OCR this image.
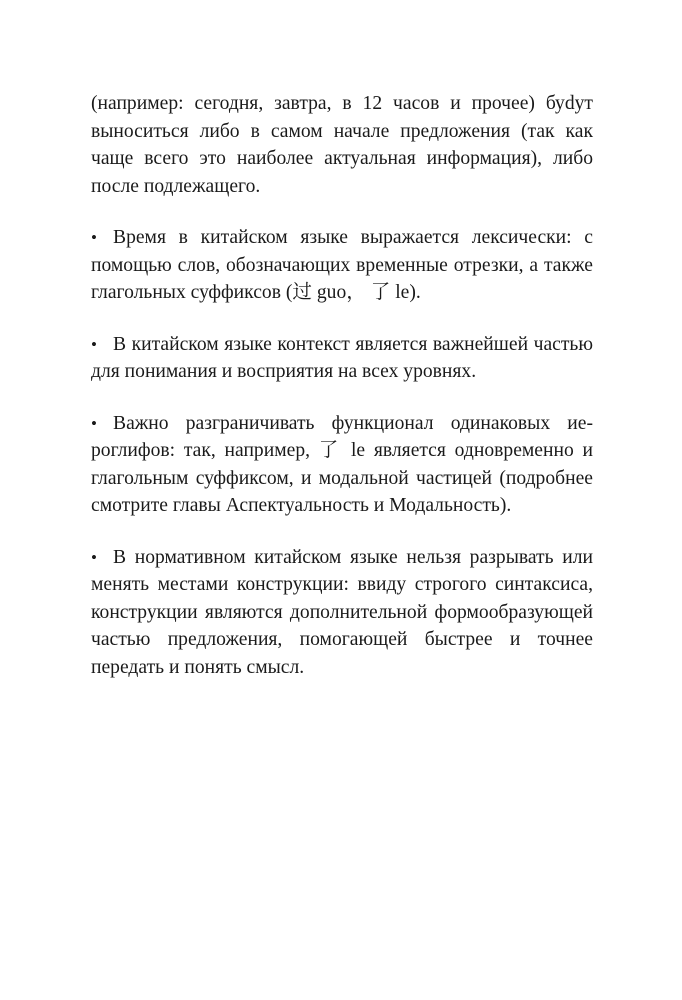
(например: сегодня, завтра, в 12 часов и прочее) буdут выноситься либо в самом начале предложения (так как чаще всего это наиболее актуальная информация), либо после подлежащего.

• Время в китайском языке выражается лексически: с помощью слов, обозначающих временные отрезки, а также глагольных суффиксов (过 guo， 了 le).

• В китайском языке контекст является важнейшей частью для понимания и восприятия на всех уровнях.

• Важно разграничивать функционал одинаковых иероглифов: так, например, 了 le является одновременно и глагольным суффиксом, и модальной частицей (подробнее смотрите главы Аспектуальность и Модальность).

• В нормативном китайском языке нельзя разрывать или менять местами конструкции: ввиду строгого синтаксиса, конструкции являются дополнительной формообразующей частью предложения, помогающей быстрее и точнее передать и понять смысл.
